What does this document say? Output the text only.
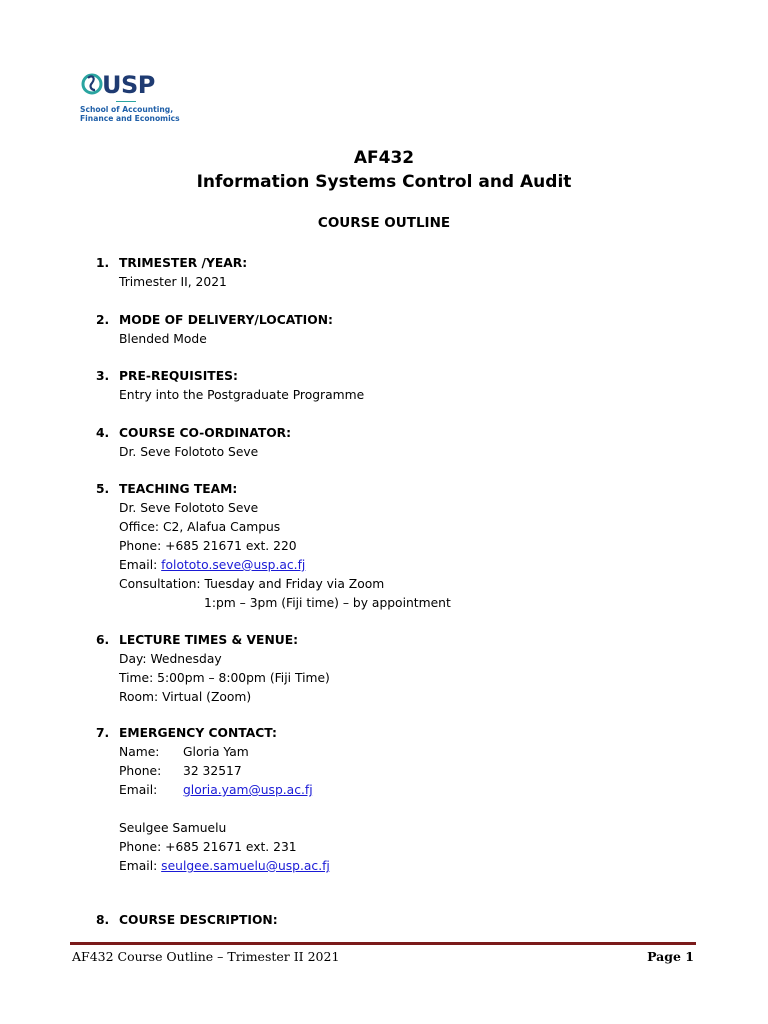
USP
School of Accounting,
Finance and Economics
AF432
Information Systems Control and Audit
COURSE OUTLINE
1. TRIMESTER /YEAR:
Trimester II, 2021
2. MODE OF DELIVERY/LOCATION:
Blended Mode
3. PRE-REQUISITES:
Entry into the Postgraduate Programme
4. COURSE CO-ORDINATOR:
Dr. Seve Folototo Seve
5. TEACHING TEAM:
Dr. Seve Folototo Seve
Office: C2, Alafua Campus
Phone: +685 21671 ext. 220
Email: folototo.seve@usp.ac.fj
Consultation: Tuesday and Friday via Zoom
1:pm – 3pm (Fiji time) – by appointment
6. LECTURE TIMES & VENUE:
Day: Wednesday
Time: 5:00pm – 8:00pm (Fiji Time)
Room: Virtual (Zoom)
7. EMERGENCY CONTACT:
Name: Gloria Yam
Phone: 32 32517
Email: gloria.yam@usp.ac.fj
Seulgee Samuelu
Phone: +685 21671 ext. 231
Email: seulgee.samuelu@usp.ac.fj
8. COURSE DESCRIPTION:
AF432 Course Outline – Trimester II 2021	Page 1
